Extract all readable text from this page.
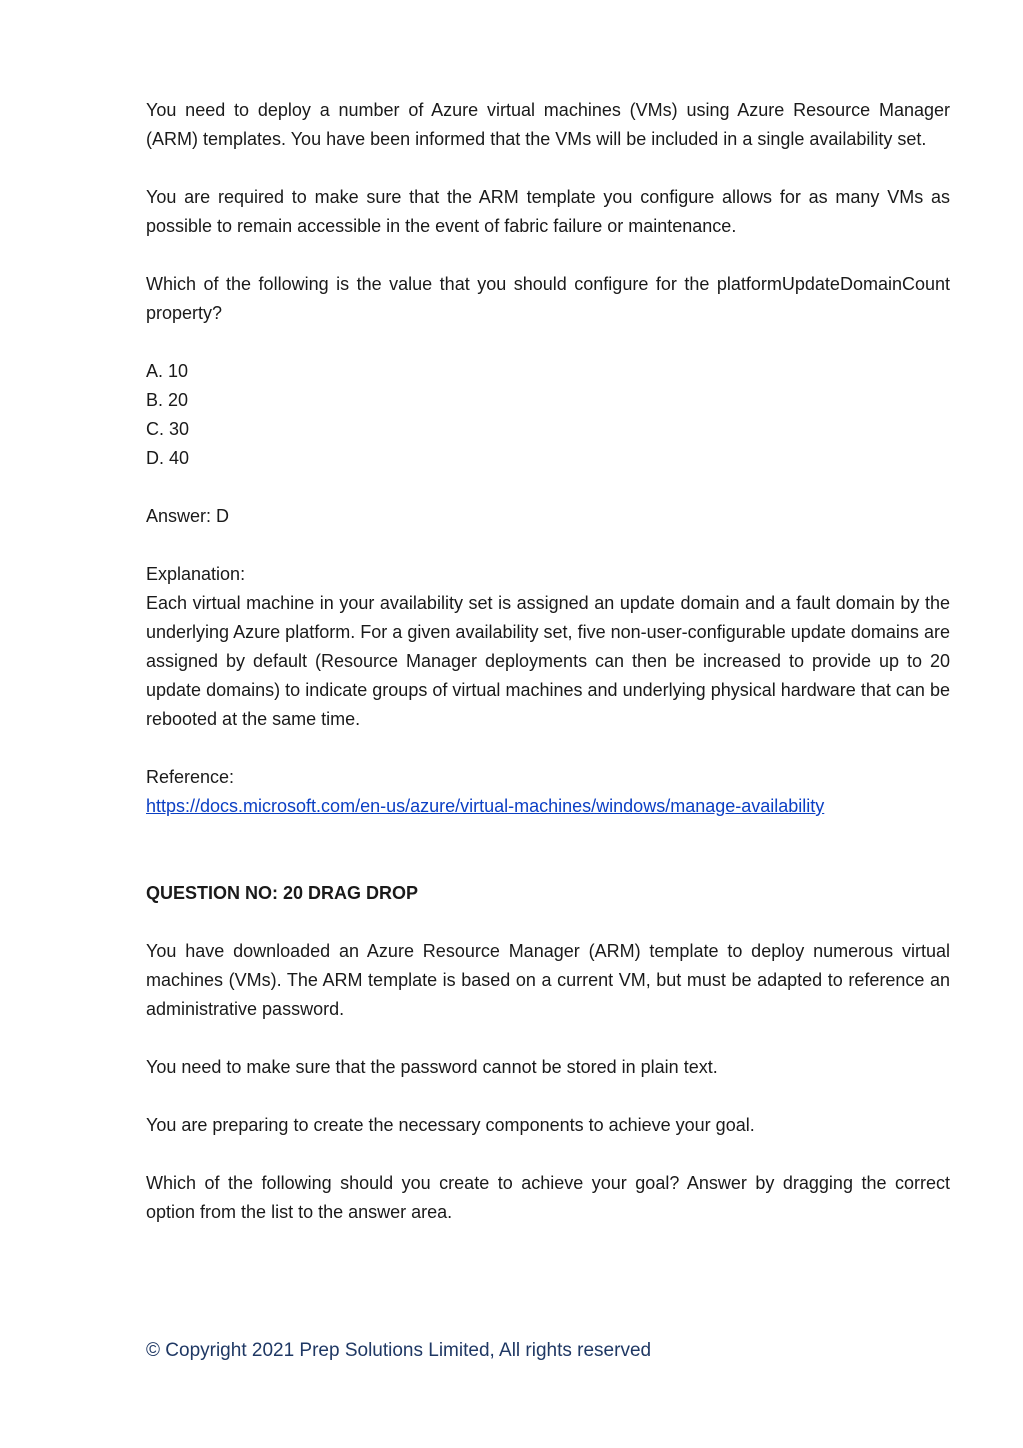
You need to deploy a number of Azure virtual machines (VMs) using Azure Resource Manager (ARM) templates. You have been informed that the VMs will be included in a single availability set.

You are required to make sure that the ARM template you configure allows for as many VMs as possible to remain accessible in the event of fabric failure or maintenance.

Which of the following is the value that you should configure for the platformUpdateDomainCount property?

A. 10
B. 20
C. 30
D. 40

Answer: D

Explanation:

Each virtual machine in your availability set is assigned an update domain and a fault domain by the underlying Azure platform. For a given availability set, five non-user-configurable update domains are assigned by default (Resource Manager deployments can then be increased to provide up to 20 update domains) to indicate groups of virtual machines and underlying physical hardware that can be rebooted at the same time.

Reference:

https://docs.microsoft.com/en-us/azure/virtual-machines/windows/manage-availability

QUESTION NO: 20 DRAG DROP

You have downloaded an Azure Resource Manager (ARM) template to deploy numerous virtual machines (VMs). The ARM template is based on a current VM, but must be adapted to reference an administrative password.

You need to make sure that the password cannot be stored in plain text.

You are preparing to create the necessary components to achieve your goal.

Which of the following should you create to achieve your goal? Answer by dragging the correct option from the list to the answer area.

© Copyright 2021 Prep Solutions Limited, All rights reserved
